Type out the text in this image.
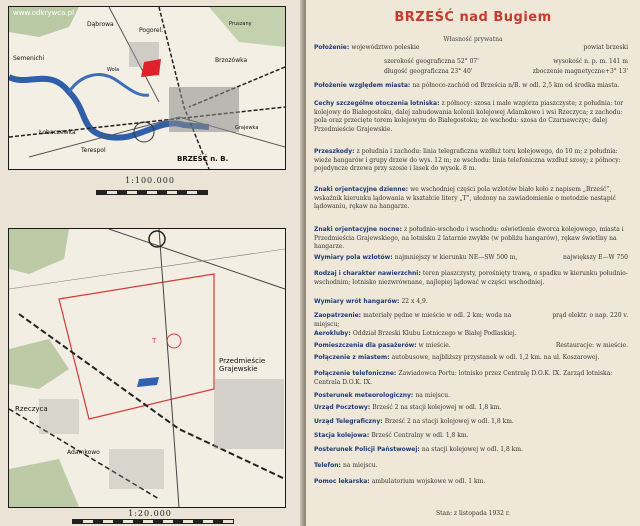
www.odkrywca.pl
Dąbrowa
Pogorel.
Brzozówka
Semenichi
Wola
Łobaczewka
Terespol
BRZEŚĆ n. B.
Grajewka
Pruszany
1:100.000
Przedmieście Grajewskie
Rzeczyca
Adamkowo
T
1:20.000
BRZEŚĆ nad Bugiem
Własność prywatna
Położenie: województwo poleskie	powiat brzeski
szerokość geograficzna 52° 07'	wysokość n. p. m. 141 m
długość geograficzna 23° 40'	zboczenie magnetyczne+3° 13'
Położenie względem miasta: na północo-zachód od Brześcia n/B. w odl. 2,5 km od środka miasta.
Cechy szczególne otoczenia lotniska: z północy: szosa i małe wzgórza piaszczyste; z południa: tor kolejowy do Białegostoku, dalej zabudowania kolonii kolejowej Adamkowo i wsi Rzeczyca; z zachodu: pola oraz przecięte torem kolejowym do Białegostoku; ze wschodu: szosa do Czarnawczyc; dalej Przedmieście Grajewskie.
Przeszkody: z południa i zachodu: linia telegraficzna wzdłuż toru kolejowego, do 10 m; z południa: wieże hangarów i grupy drzew do wys. 12 m; ze wschodu: linia telefoniczna wzdłuż szosy; z północy: pojedyncze drzewa przy szosie i lasek do wysok. 8 m.
Znaki orjentacyjne dzienne: we wschodniej części pola wzlotów biało koło z napisem „Brześć”, wskaźnik kierunku lądowania w kształcie litery „T”, ułożony na zawiadomienie o metodzie nastąpić lądowaniu, rękaw na hangarze.
Znaki orjentacyjne nocne: z południo-wschodu i wschodu: oświetlenie dworca kolejowego, miasta i Przedmieścia Grajewskiego, na lotnisku 2 latarnie zwykłe (w pobliżu hangarów), rękaw świetlny na hangarze.
Wymiary pola wzlotów: najmniejszy w kierunku NE—SW 500 m,	największy E—W 750
Rodzaj i charakter nawierzchni: teren piaszczysty, porośnięty trawą, o spadku w kierunku południo-wschodnim; lotnisko niezwrównane, najlepiej lądować w części wschodniej.
Wymiary wrót hangarów: 22 x 4,9.
Zaopatrzenie: materiały pędne w mieście w odl. 2 km; woda na miejscu;
prąd elektr. o nap. 220 v.
Aerokluby: Oddział Brzeski Klubu Lotniczego w Białej Podlaskiej.
Pomieszczenia dla pasażerów: w mieście.	Restauracje: w mieście.
Połączenie z miastem: autobusowe, najbliższy przystanek w odl. 1,2 km. na ul. Koszarowej.
Połączenie telefoniczne: Zawiadowca Portu: lotnisko przez Centralę D.O.K. IX. Zarząd lotniska: Centrala D.O.K. IX.
Posterunek meteorologiczny: na miejscu.
Urząd Pocztowy: Brześć 2 na stacji kolejowej w odl. 1,8 km.
Urząd Telegraficzny: Brześć 2 na stacji kolejowej w odl. 1,8 km.
Stacja kolejowa: Brześć Centralny w odl. 1,8 km.
Posterunek Policji Państwowej: na stacji kolejowej w odl. 1,8 km.
Telefon: na miejscu.
Pomoc lekarska: ambulatorium wojskowe w odl. 1 km.
Stan: z listopada 1932 r.
